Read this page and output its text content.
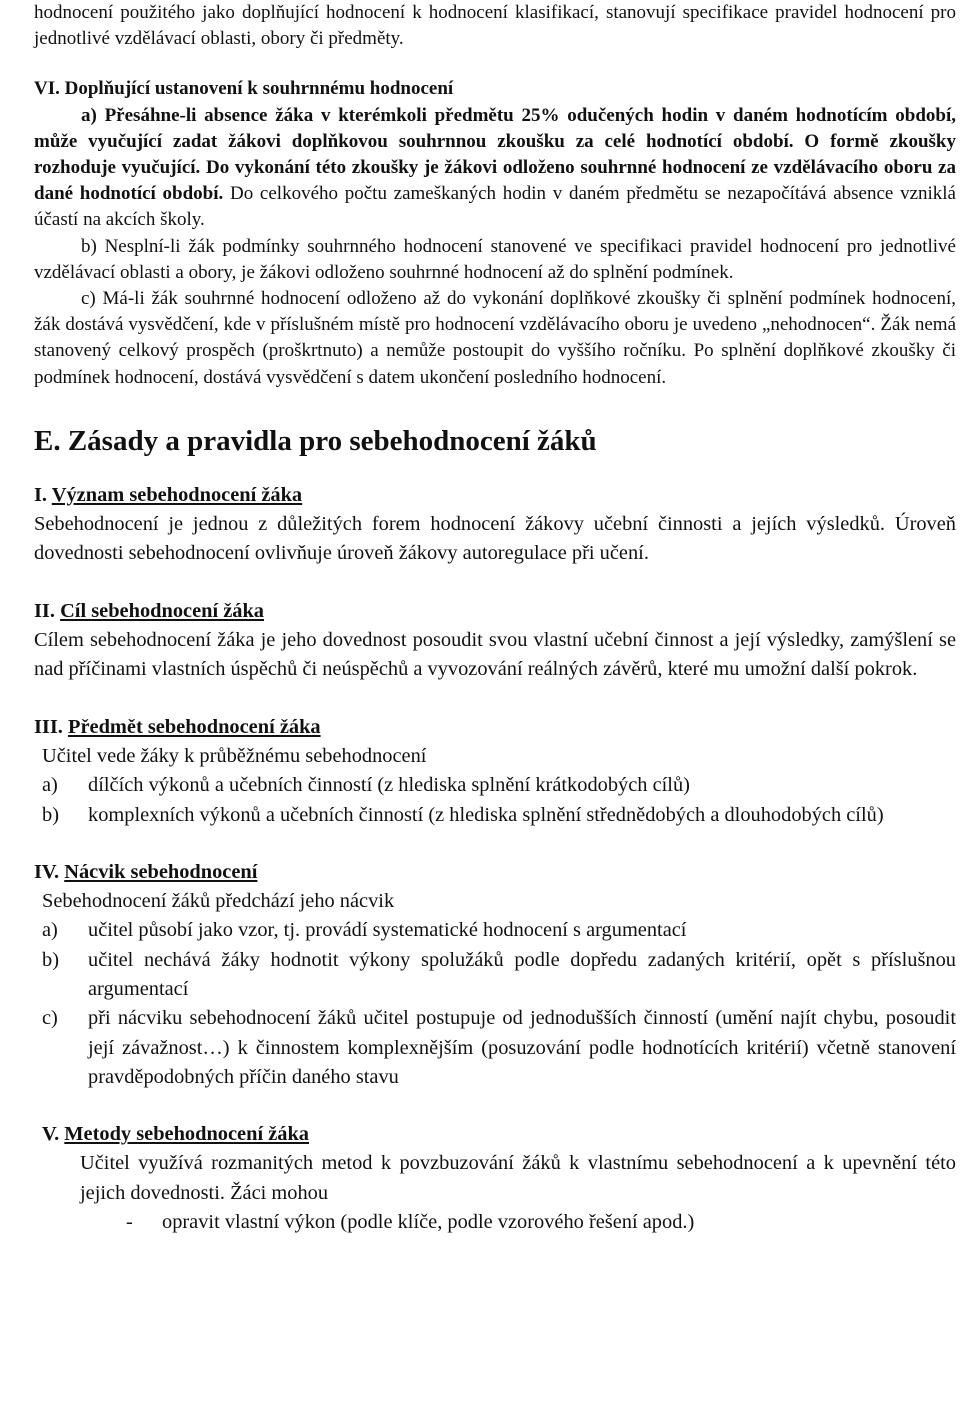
hodnocení použitého jako doplňující hodnocení k hodnocení klasifikací, stanovují specifikace pravidel hodnocení pro jednotlivé vzdělávací oblasti, obory či předměty.

VI. Doplňující ustanovení k souhrnnému hodnocení

a) Přesáhne-li absence žáka v kterémkoli předmětu 25% odučených hodin v daném hodnotícím období, může vyučující zadat žákovi doplňkovou souhrnnou zkoušku za celé hodnotící období. O formě zkoušky rozhoduje vyučující. Do vykonání této zkoušky je žákovi odloženo souhrnné hodnocení ze vzdělávacího oboru za dané hodnotící období. Do celkového počtu zameškaných hodin v daném předmětu se nezapočítává absence vzniklá účastí na akcích školy.

b) Nesplní-li žák podmínky souhrnného hodnocení stanovené ve specifikaci pravidel hodnocení pro jednotlivé vzdělávací oblasti a obory, je žákovi odloženo souhrnné hodnocení až do splnění podmínek.

c) Má-li žák souhrnné hodnocení odloženo až do vykonání doplňkové zkoušky či splnění podmínek hodnocení, žák dostává vysvědčení, kde v příslušném místě pro hodnocení vzdělávacího oboru je uvedeno „nehodnocen“. Žák nemá stanovený celkový prospěch (proškrtnuto) a nemůže postoupit do vyššího ročníku. Po splnění doplňkové zkoušky či podmínek hodnocení, dostává vysvědčení s datem ukončení posledního hodnocení.

E. Zásady a pravidla pro sebehodnocení žáků
I. Význam sebehodnocení žáka

Sebehodnocení je jednou z důležitých forem hodnocení žákovy učební činnosti a jejích výsledků. Úroveň dovednosti sebehodnocení ovlivňuje úroveň žákovy autoregulace při učení.

II. Cíl sebehodnocení žáka

Cílem sebehodnocení žáka je jeho dovednost posoudit svou vlastní učební činnost a její výsledky, zamýšlení se nad příčinami vlastních úspěchů či neúspěchů a vyvozování reálných závěrů, které mu umožní další pokrok.

III. Předmět sebehodnocení žáka

Učitel vede žáky k průběžnému sebehodnocení

a) dílčích výkonů a učebních činností (z hlediska splnění krátkodobých cílů)
b) komplexních výkonů a učebních činností (z hlediska splnění střednědobých a dlouhodobých cílů)
IV. Nácvik sebehodnocení

Sebehodnocení žáků předchází jeho nácvik

a) učitel působí jako vzor, tj. provádí systematické hodnocení s argumentací
b) učitel nechává žáky hodnotit výkony spolužáků podle dopředu zadaných kritérií, opět s příslušnou argumentací
c) při nácviku sebehodnocení žáků učitel postupuje od jednodušších činností (umění najít chybu, posoudit její závažnost…) k činnostem komplexnějším (posuzování podle hodnotících kritérií) včetně stanovení pravděpodobných příčin daného stavu
V. Metody sebehodnocení žáka

Učitel využívá rozmanitých metod k povzbuzování žáků k vlastnímu sebehodnocení a k upevnění této jejich dovednosti. Žáci mohou

- opravit vlastní výkon (podle klíče, podle vzorového řešení apod.)
